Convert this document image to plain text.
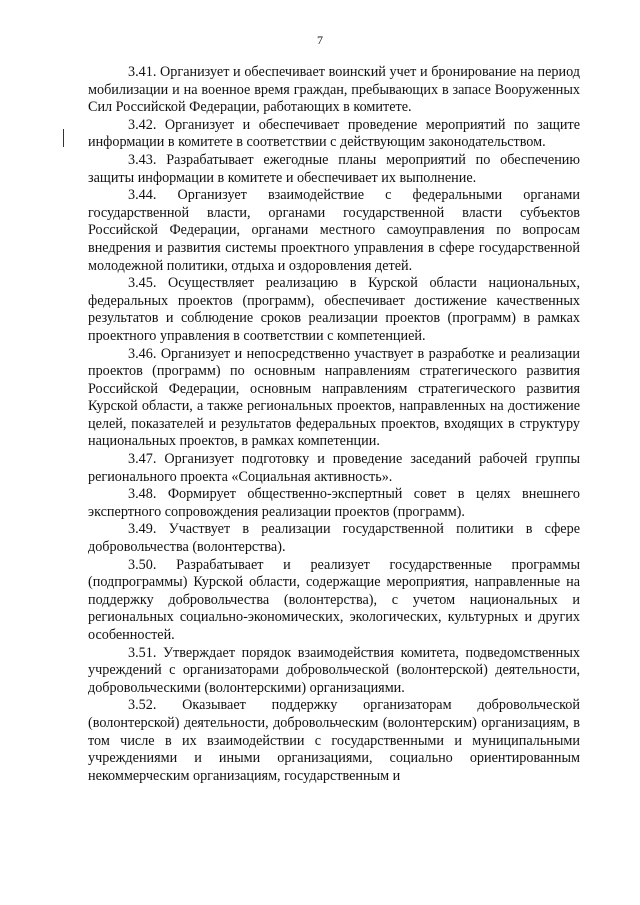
7

3.41. Организует и обеспечивает воинский учет и бронирование на период мобилизации и на военное время граждан, пребывающих в запасе Вооруженных Сил Российской Федерации, работающих в комитете.

3.42. Организует и обеспечивает проведение мероприятий по защите информации в комитете в соответствии с действующим законодательством.

3.43. Разрабатывает ежегодные планы мероприятий по обеспечению защиты информации в комитете и обеспечивает их выполнение.

3.44. Организует взаимодействие с федеральными органами государственной власти, органами государственной власти субъектов Российской Федерации, органами местного самоуправления по вопросам внедрения и развития системы проектного управления в сфере государственной молодежной политики, отдыха и оздоровления детей.

3.45. Осуществляет реализацию в Курской области национальных, федеральных проектов (программ), обеспечивает достижение качественных результатов и соблюдение сроков реализации проектов (программ) в рамках проектного управления в соответствии с компетенцией.

3.46. Организует и непосредственно участвует в разработке и реализации проектов (программ) по основным направлениям стратегического развития Российской Федерации, основным направлениям стратегического развития Курской области, а также региональных проектов, направленных на достижение целей, показателей и результатов федеральных проектов, входящих в структуру национальных проектов, в рамках компетенции.

3.47. Организует подготовку и проведение заседаний рабочей группы регионального проекта «Социальная активность».

3.48. Формирует общественно-экспертный совет в целях внешнего экспертного сопровождения реализации проектов (программ).

3.49. Участвует в реализации государственной политики в сфере добровольчества (волонтерства).

3.50. Разрабатывает и реализует государственные программы (подпрограммы) Курской области, содержащие мероприятия, направленные на поддержку добровольчества (волонтерства), с учетом национальных и региональных социально-экономических, экологических, культурных и других особенностей.

3.51. Утверждает порядок взаимодействия комитета, подведомственных учреждений с организаторами добровольческой (волонтерской) деятельности, добровольческими (волонтерскими) организациями.

3.52. Оказывает поддержку организаторам добровольческой (волонтерской) деятельности, добровольческим (волонтерским) организациям, в том числе в их взаимодействии с государственными и муниципальными учреждениями и иными организациями, социально ориентированным некоммерческим организациям, государственным и
